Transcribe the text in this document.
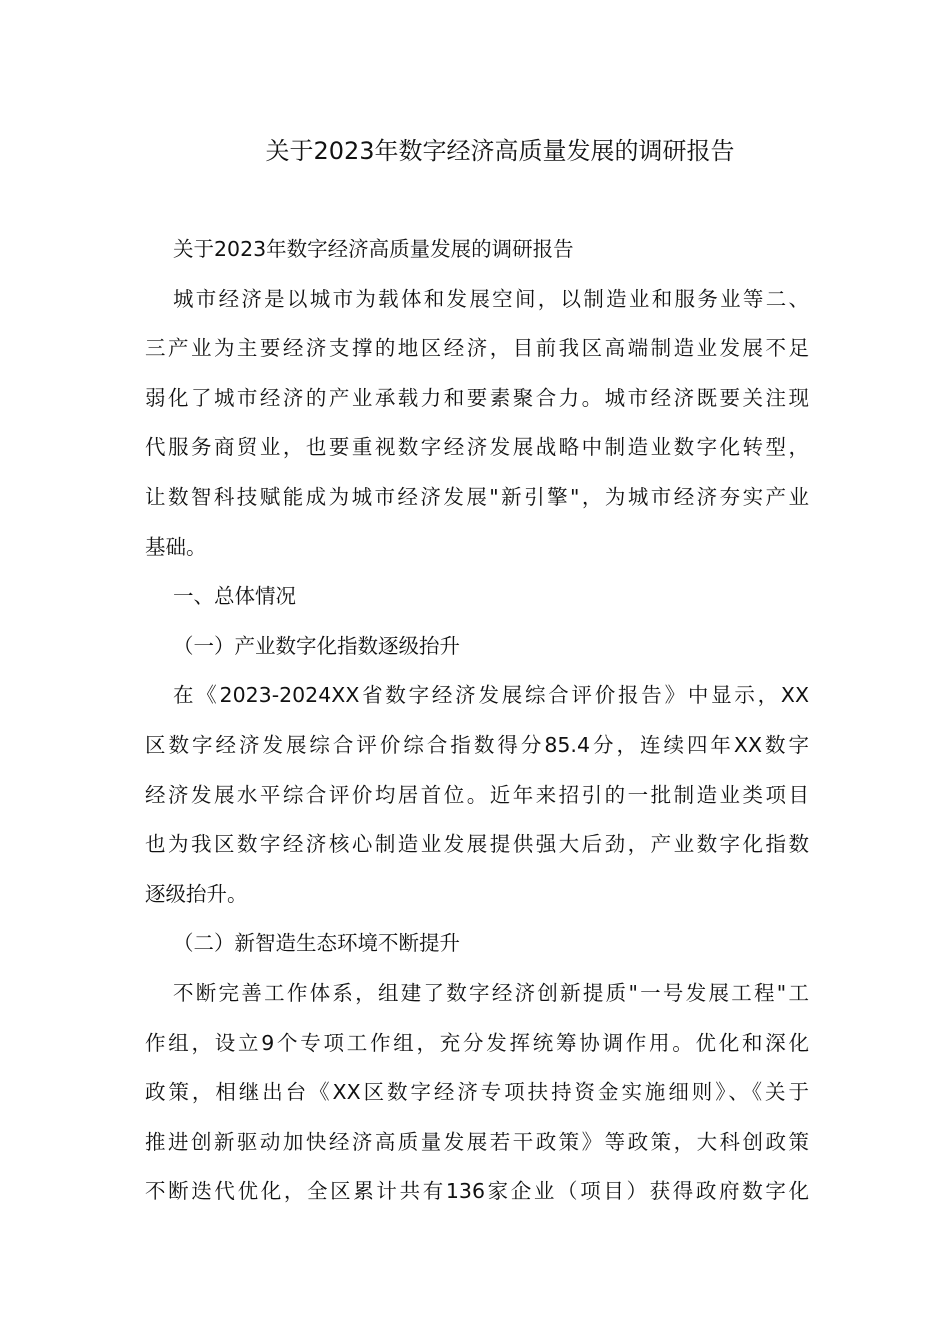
关于2023年数字经济高质量发展的调研报告
关于2023年数字经济高质量发展的调研报告
城市经济是以城市为载体和发展空间，以制造业和服务业等二、
三产业为主要经济支撑的地区经济，目前我区高端制造业发展不足
弱化了城市经济的产业承载力和要素聚合力。城市经济既要关注现
代服务商贸业，也要重视数字经济发展战略中制造业数字化转型，
让数智科技赋能成为城市经济发展"新引擎"，为城市经济夯实产业
基础。
一、总体情况
（一）产业数字化指数逐级抬升
在《2023-2024XX省数字经济发展综合评价报告》中显示，XX
区数字经济发展综合评价综合指数得分85.4分，连续四年XX数字
经济发展水平综合评价均居首位。近年来招引的一批制造业类项目
也为我区数字经济核心制造业发展提供强大后劲，产业数字化指数
逐级抬升。
（二）新智造生态环境不断提升
不断完善工作体系，组建了数字经济创新提质"一号发展工程"工
作组，设立9个专项工作组，充分发挥统筹协调作用。优化和深化
政策，相继出台《XX区数字经济专项扶持资金实施细则》、《关于
推进创新驱动加快经济高质量发展若干政策》等政策，大科创政策
不断迭代优化，全区累计共有136家企业（项目）获得政府数字化
